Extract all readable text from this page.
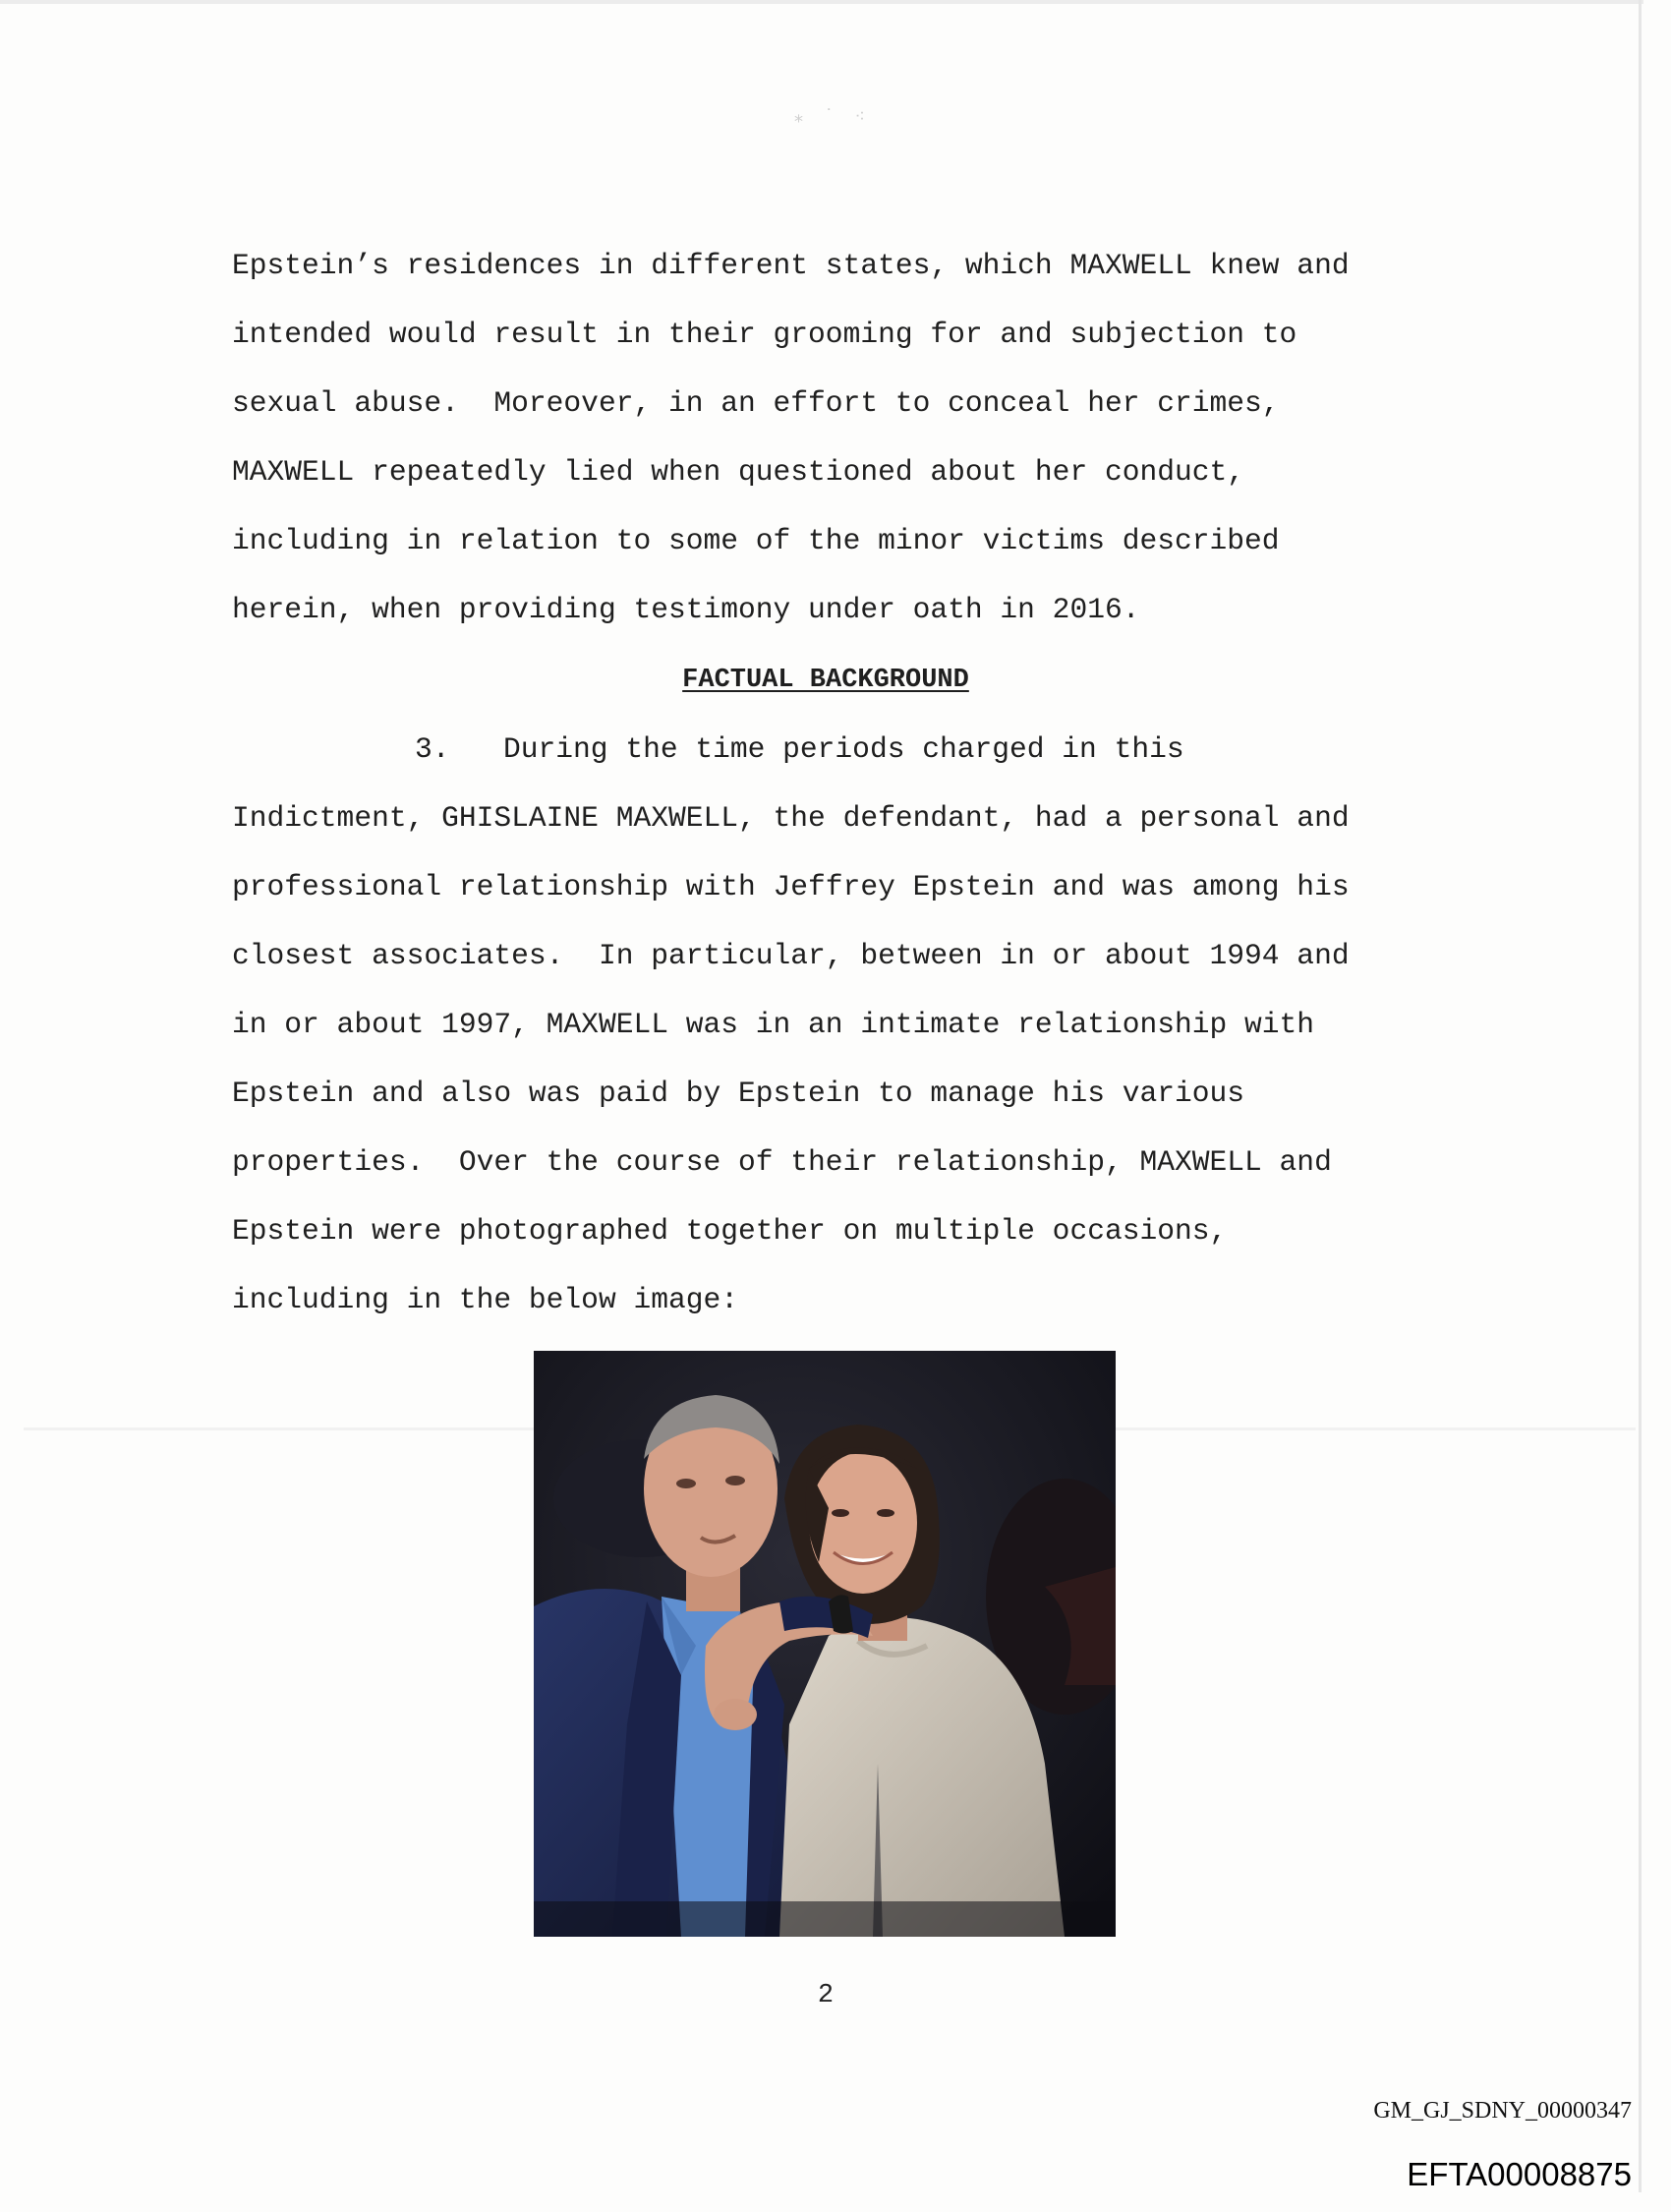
⁎ ˙ ⁖

Epstein’s residences in different states, which MAXWELL knew and

intended would result in their grooming for and subjection to

sexual abuse.  Moreover, in an effort to conceal her crimes,

MAXWELL repeatedly lied when questioned about her conduct,

including in relation to some of the minor victims described

herein, when providing testimony under oath in 2016.

FACTUAL BACKGROUND
3. During the time periods charged in this

Indictment, GHISLAINE MAXWELL, the defendant, had a personal and

professional relationship with Jeffrey Epstein and was among his

closest associates.  In particular, between in or about 1994 and

in or about 1997, MAXWELL was in an intimate relationship with

Epstein and also was paid by Epstein to manage his various

properties.  Over the course of their relationship, MAXWELL and

Epstein were photographed together on multiple occasions,

including in the below image:

2
GM_GJ_SDNY_00000347
EFTA00008875
